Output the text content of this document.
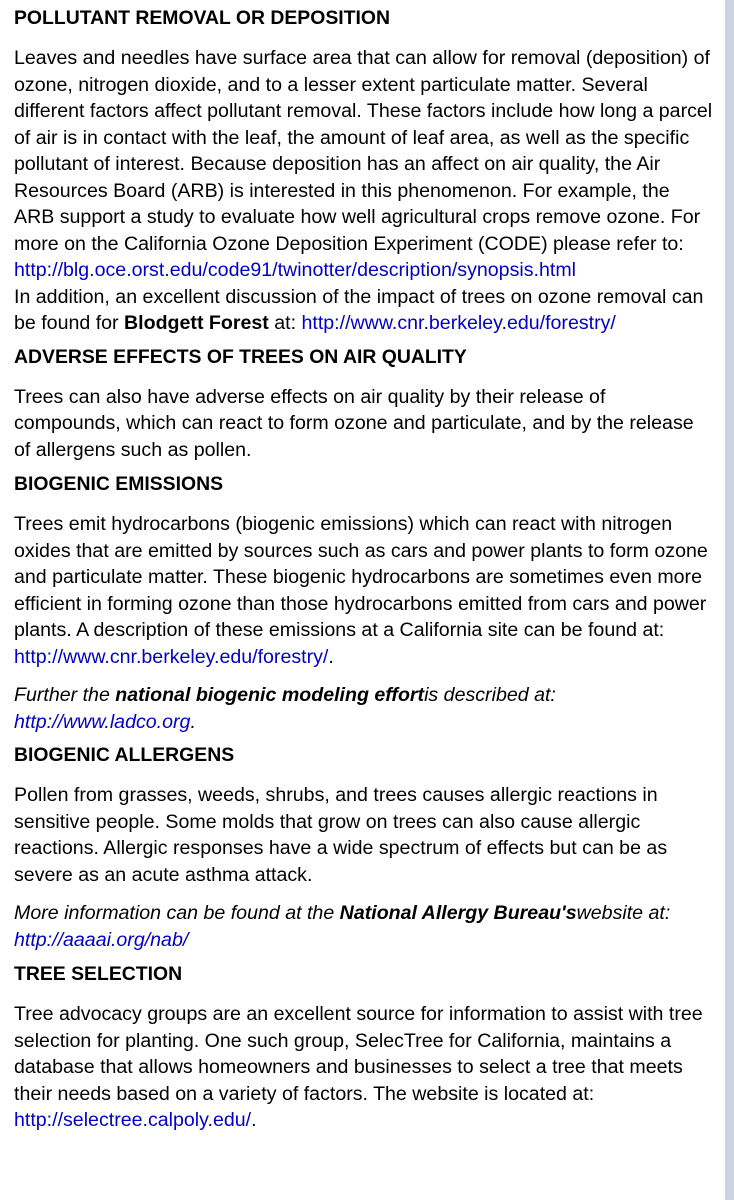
POLLUTANT REMOVAL OR DEPOSITION

Leaves and needles have surface area that can allow for removal (deposition) of ozone, nitrogen dioxide, and to a lesser extent particulate matter. Several different factors affect pollutant removal. These factors include how long a parcel of air is in contact with the leaf, the amount of leaf area, as well as the specific pollutant of interest. Because deposition has an affect on air quality, the Air Resources Board (ARB) is interested in this phenomenon. For example, the ARB support a study to evaluate how well agricultural crops remove ozone. For more on the California Ozone Deposition Experiment (CODE) please refer to:
http://blg.oce.orst.edu/code91/twinotter/description/synopsis.html
In addition, an excellent discussion of the impact of trees on ozone removal can be found for Blodgett Forest at: http://www.cnr.berkeley.edu/forestry/

ADVERSE EFFECTS OF TREES ON AIR QUALITY

Trees can also have adverse effects on air quality by their release of compounds, which can react to form ozone and particulate, and by the release of allergens such as pollen.

BIOGENIC EMISSIONS

Trees emit hydrocarbons (biogenic emissions) which can react with nitrogen oxides that are emitted by sources such as cars and power plants to form ozone and particulate matter. These biogenic hydrocarbons are sometimes even more efficient in forming ozone than those hydrocarbons emitted from cars and power plants. A description of these emissions at a California site can be found at: http://www.cnr.berkeley.edu/forestry/.

Further the national biogenic modeling effortis described at:
http://www.ladco.org.

BIOGENIC ALLERGENS

Pollen from grasses, weeds, shrubs, and trees causes allergic reactions in sensitive people. Some molds that grow on trees can also cause allergic reactions. Allergic responses have a wide spectrum of effects but can be as severe as an acute asthma attack.

More information can be found at the National Allergy Bureau'swebsite at:
http://aaaai.org/nab/

TREE SELECTION

Tree advocacy groups are an excellent source for information to assist with tree selection for planting. One such group, SelecTree for California, maintains a database that allows homeowners and businesses to select a tree that meets their needs based on a variety of factors. The website is located at: http://selectree.calpoly.edu/.
